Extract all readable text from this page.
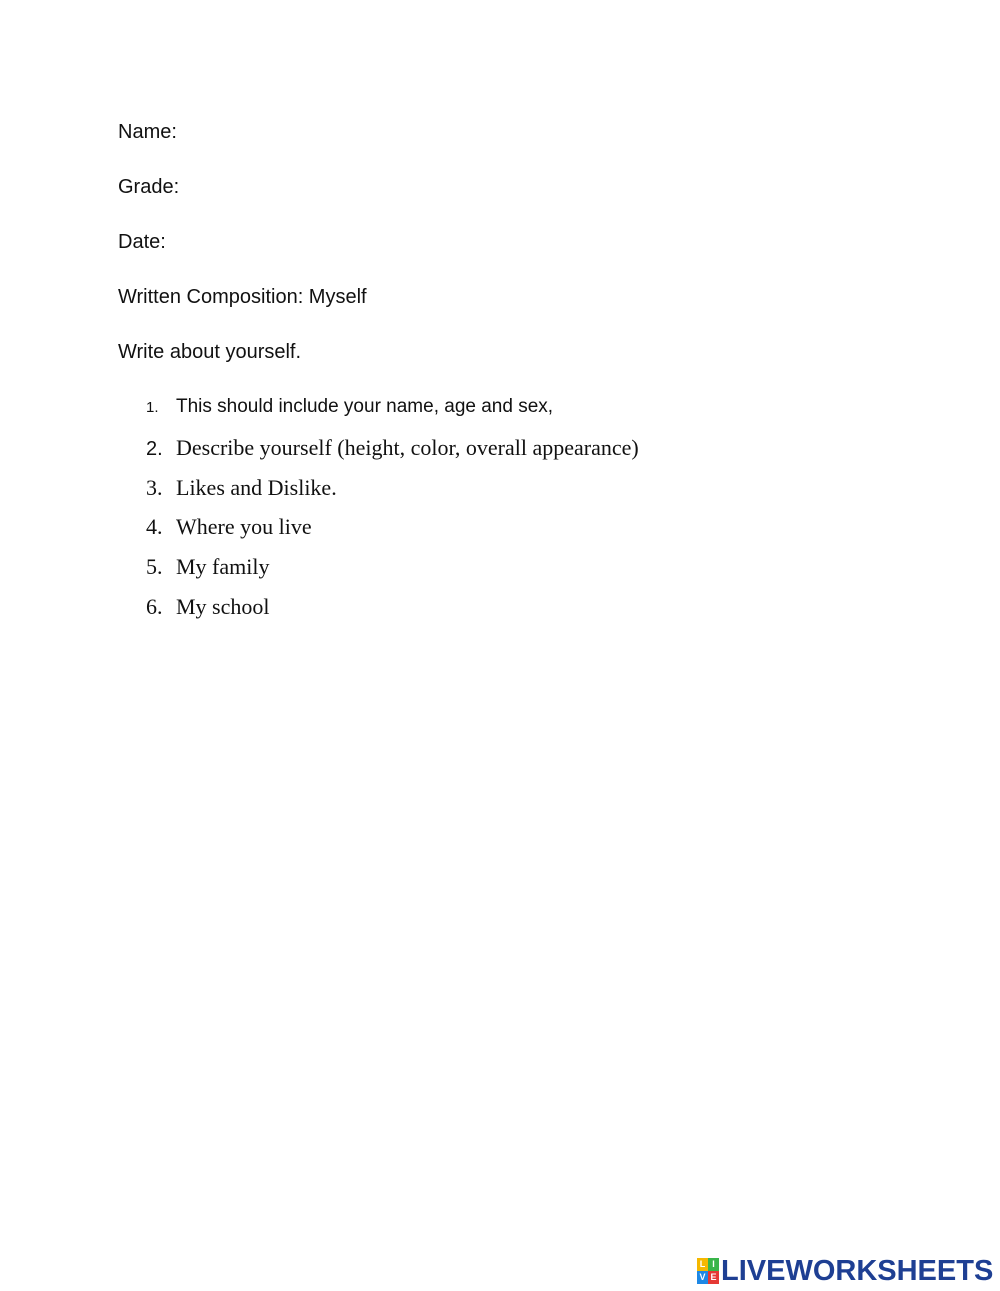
Name:
Grade:
Date:
Written Composition: Myself
Write about yourself.
1. This should include your name, age and sex,
2. Describe yourself (height, color, overall appearance)
3. Likes and Dislike.
4. Where you live
5. My family
6. My school
L I
V E LIVEWORKSHEETS
